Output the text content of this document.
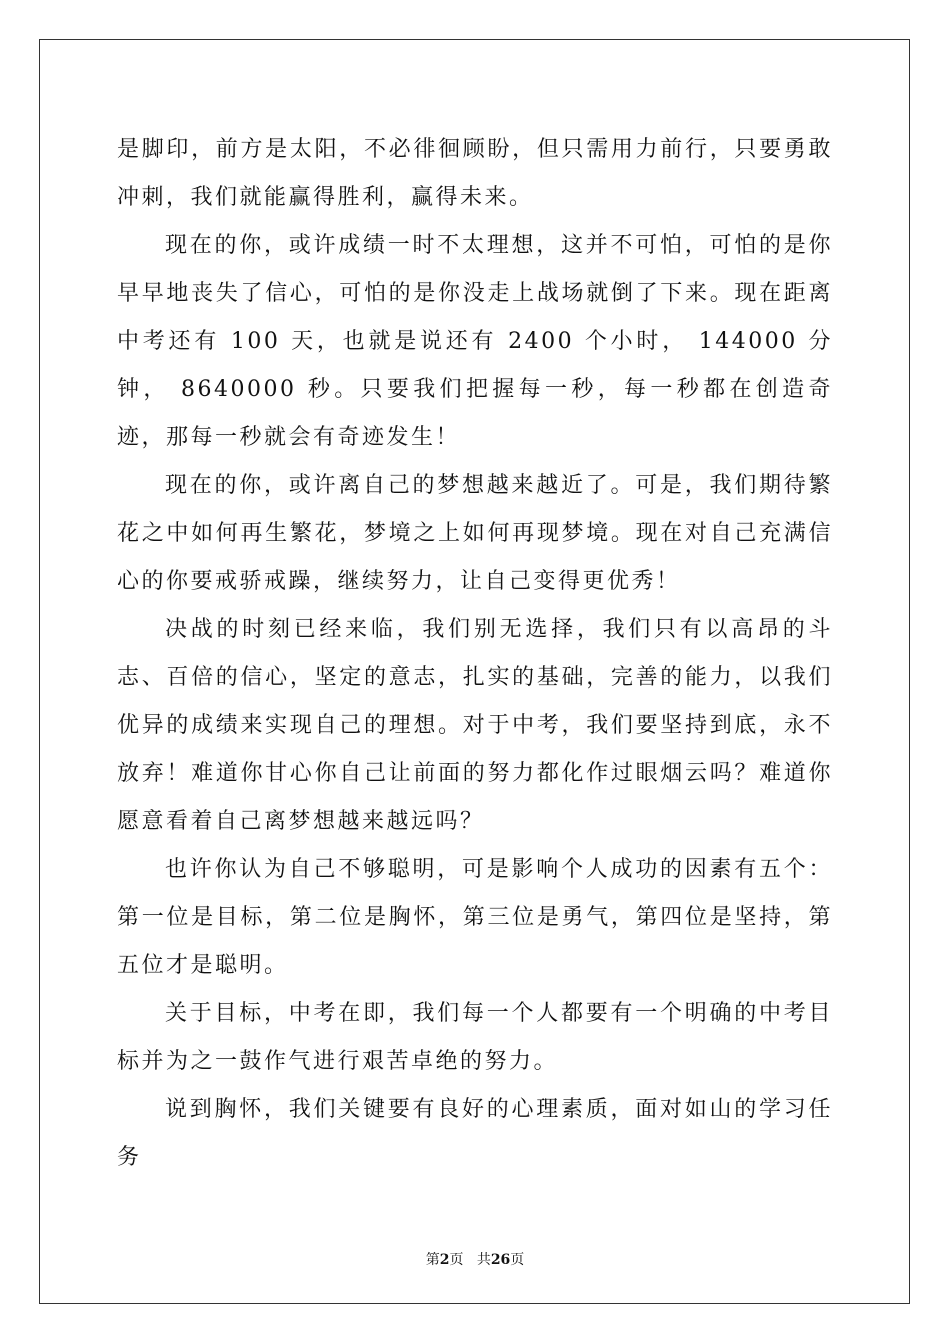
是脚印，前方是太阳，不必徘徊顾盼，但只需用力前行，只要勇敢冲刺，我们就能赢得胜利，赢得未来。

现在的你，或许成绩一时不太理想，这并不可怕，可怕的是你早早地丧失了信心，可怕的是你没走上战场就倒了下来。现在距离中考还有 100 天，也就是说还有 2400 个小时， 144000 分钟， 8640000 秒。只要我们把握每一秒，每一秒都在创造奇迹，那每一秒就会有奇迹发生！

现在的你，或许离自己的梦想越来越近了。可是，我们期待繁花之中如何再生繁花，梦境之上如何再现梦境。现在对自己充满信心的你要戒骄戒躁，继续努力，让自己变得更优秀！

决战的时刻已经来临，我们别无选择，我们只有以高昂的斗志、百倍的信心，坚定的意志，扎实的基础，完善的能力，以我们优异的成绩来实现自己的理想。对于中考，我们要坚持到底，永不放弃！难道你甘心你自己让前面的努力都化作过眼烟云吗？难道你愿意看着自己离梦想越来越远吗？

也许你认为自己不够聪明，可是影响个人成功的因素有五个：第一位是目标，第二位是胸怀，第三位是勇气，第四位是坚持，第五位才是聪明。

关于目标，中考在即，我们每一个人都要有一个明确的中考目标并为之一鼓作气进行艰苦卓绝的努力。

说到胸怀，我们关键要有良好的心理素质，面对如山的学习任务

第2页 共26页
